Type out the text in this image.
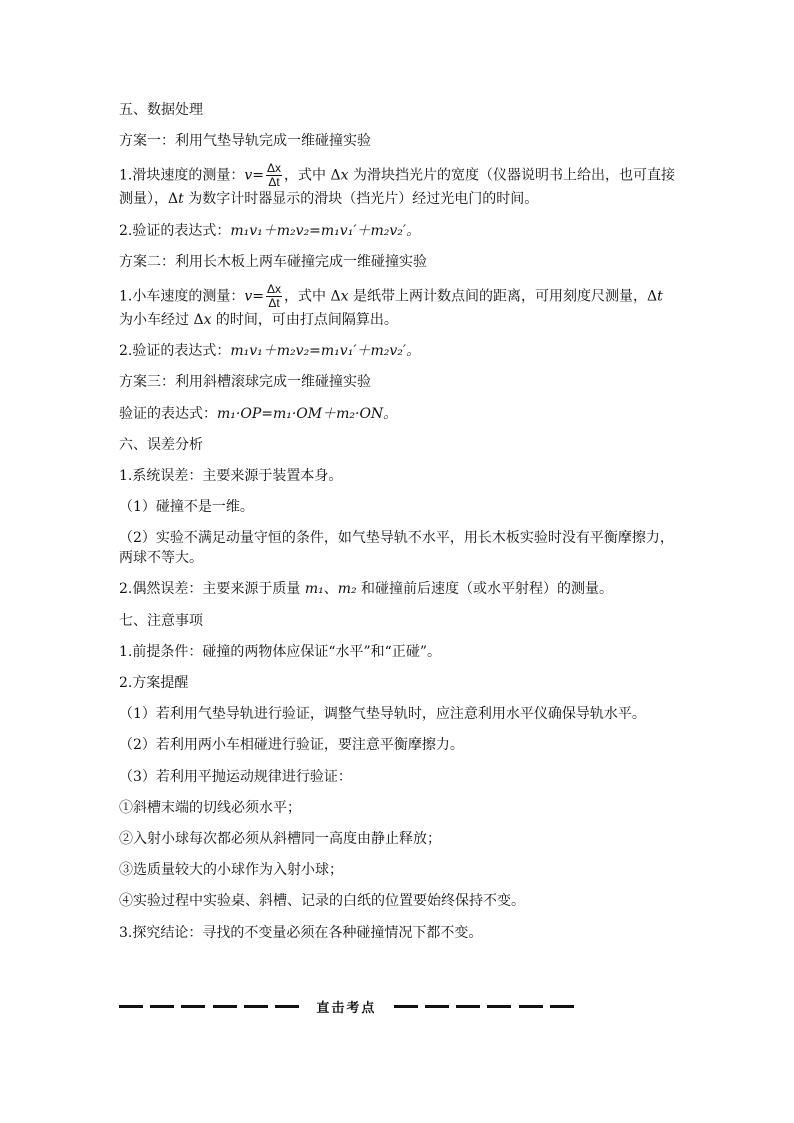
五、数据处理
方案一：利用气垫导轨完成一维碰撞实验
1.滑块速度的测量：$v= \frac{\Delta x}{\Delta t}$ ，式中 Δx 为滑块挡光片的宽度（仪器说明书上给出，也可直接测量），Δt 为数字计时器显示的滑块（挡光片）经过光电门的时间。
2.验证的表达式：m₁v₁＋m₂v₂=m₁v₁′＋m₂v₂′。
方案二：利用长木板上两车碰撞完成一维碰撞实验
1.小车速度的测量：$v= \frac{\Delta x}{\Delta t}$ ，式中 Δx 是纸带上两计数点间的距离，可用刻度尺测量，Δt 为小车经过 Δx 的时间，可由打点间隔算出。
2.验证的表达式：m₁v₁＋m₂v₂=m₁v₁′＋m₂v₂′。
方案三：利用斜槽滚球完成一维碰撞实验
验证的表达式：m₁·OP=m₁·OM＋m₂·ON。
六、误差分析
1.系统误差：主要来源于装置本身。
（1）碰撞不是一维。
（2）实验不满足动量守恒的条件，如气垫导轨不水平，用长木板实验时没有平衡摩擦力，两球不等大。
2.偶然误差：主要来源于质量 m₁、m₂ 和碰撞前后速度（或水平射程）的测量。
七、注意事项
1.前提条件：碰撞的两物体应保证“水平”和“正碰”。
2.方案提醒
（1）若利用气垫导轨进行验证，调整气垫导轨时，应注意利用水平仪确保导轨水平。
（2）若利用两小车相碰进行验证，要注意平衡摩擦力。
（3）若利用平抛运动规律进行验证：
①斜槽末端的切线必须水平；
②入射小球每次都必须从斜槽同一高度由静止释放；
③选质量较大的小球作为入射小球；
④实验过程中实验桌、斜槽、记录的白纸的位置要始终保持不变。
3.探究结论：寻找的不变量必须在各种碰撞情况下都不变。
直击考点
